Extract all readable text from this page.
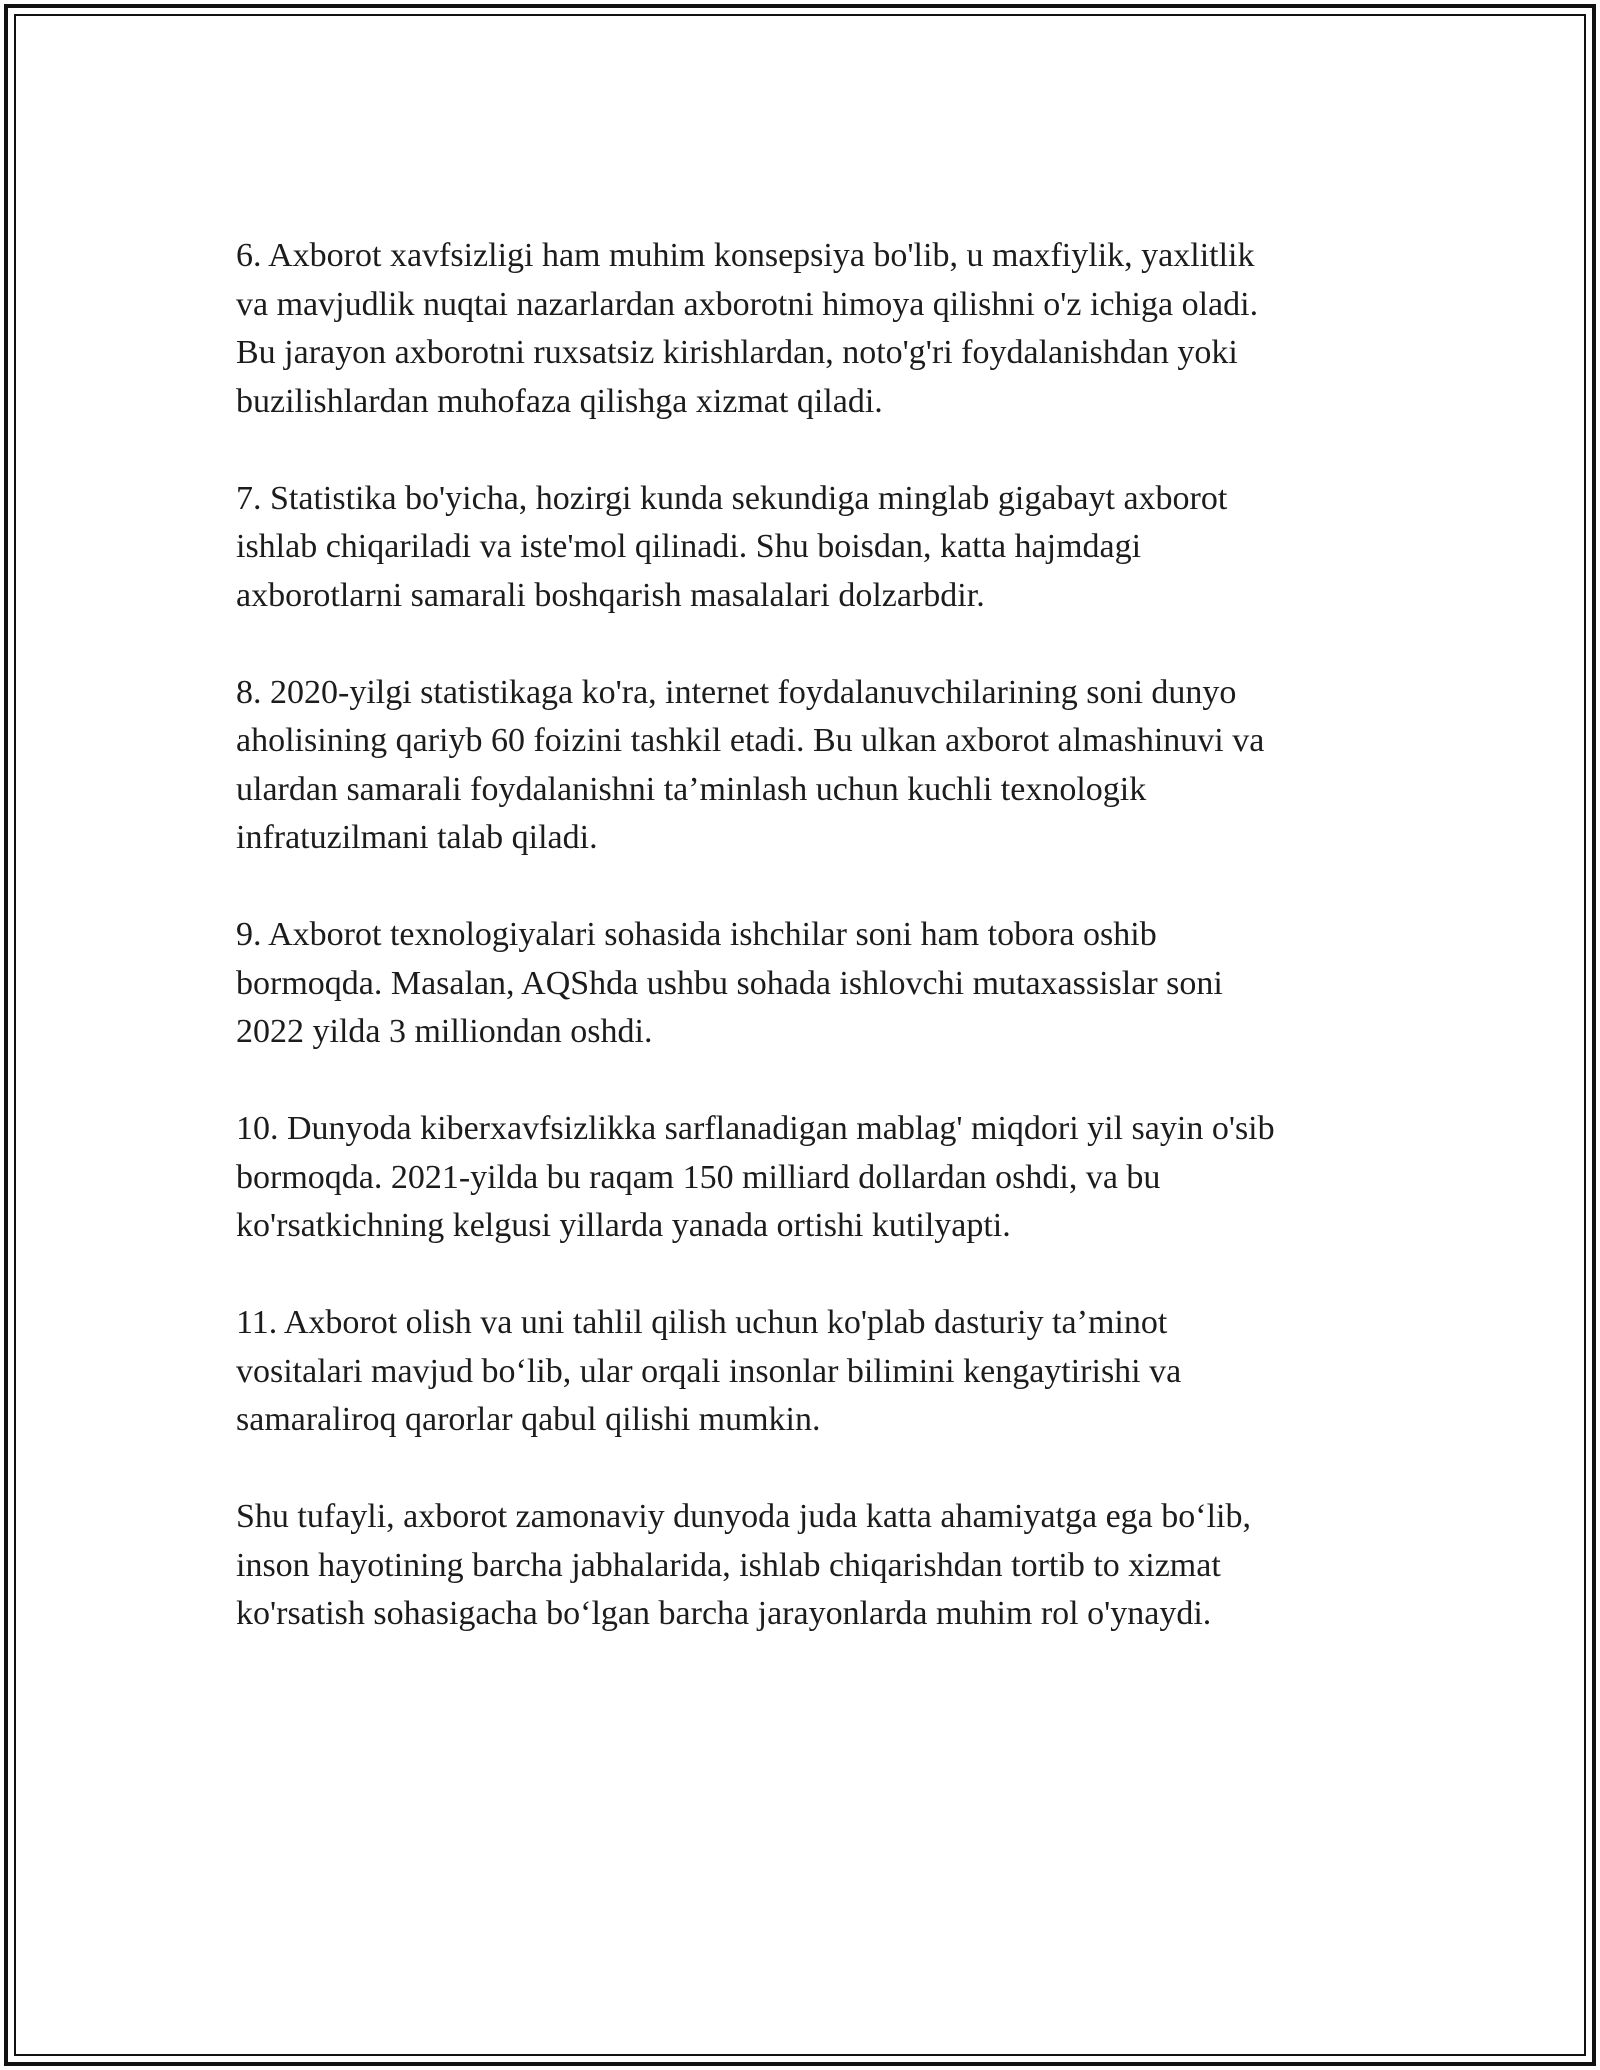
6. Axborot xavfsizligi ham muhim konsepsiya bo'lib, u maxfiylik, yaxlitlik
va mavjudlik nuqtai nazarlardan axborotni himoya qilishni o'z ichiga oladi.
Bu jarayon axborotni ruxsatsiz kirishlardan, noto'g'ri foydalanishdan yoki
buzilishlardan muhofaza qilishga xizmat qiladi.

7. Statistika bo'yicha, hozirgi kunda sekundiga minglab gigabayt axborot
ishlab chiqariladi va iste'mol qilinadi. Shu boisdan, katta hajmdagi
axborotlarni samarali boshqarish masalalari dolzarbdir.

8. 2020-yilgi statistikaga ko'ra, internet foydalanuvchilarining soni dunyo
aholisining qariyb 60 foizini tashkil etadi. Bu ulkan axborot almashinuvi va
ulardan samarali foydalanishni ta’minlash uchun kuchli texnologik
infratuzilmani talab qiladi.

9. Axborot texnologiyalari sohasida ishchilar soni ham tobora oshib
bormoqda. Masalan, AQShda ushbu sohada ishlovchi mutaxassislar soni
2022 yilda 3 milliondan oshdi.

10. Dunyoda kiberxavfsizlikka sarflanadigan mablag' miqdori yil sayin o'sib
bormoqda. 2021-yilda bu raqam 150 milliard dollardan oshdi, va bu
ko'rsatkichning kelgusi yillarda yanada ortishi kutilyapti.

11. Axborot olish va uni tahlil qilish uchun ko'plab dasturiy ta’minot
vositalari mavjud bo‘lib, ular orqali insonlar bilimini kengaytirishi va
samaraliroq qarorlar qabul qilishi mumkin.

Shu tufayli, axborot zamonaviy dunyoda juda katta ahamiyatga ega bo‘lib,
inson hayotining barcha jabhalarida, ishlab chiqarishdan tortib to xizmat
ko'rsatish sohasigacha bo‘lgan barcha jarayonlarda muhim rol o'ynaydi.
